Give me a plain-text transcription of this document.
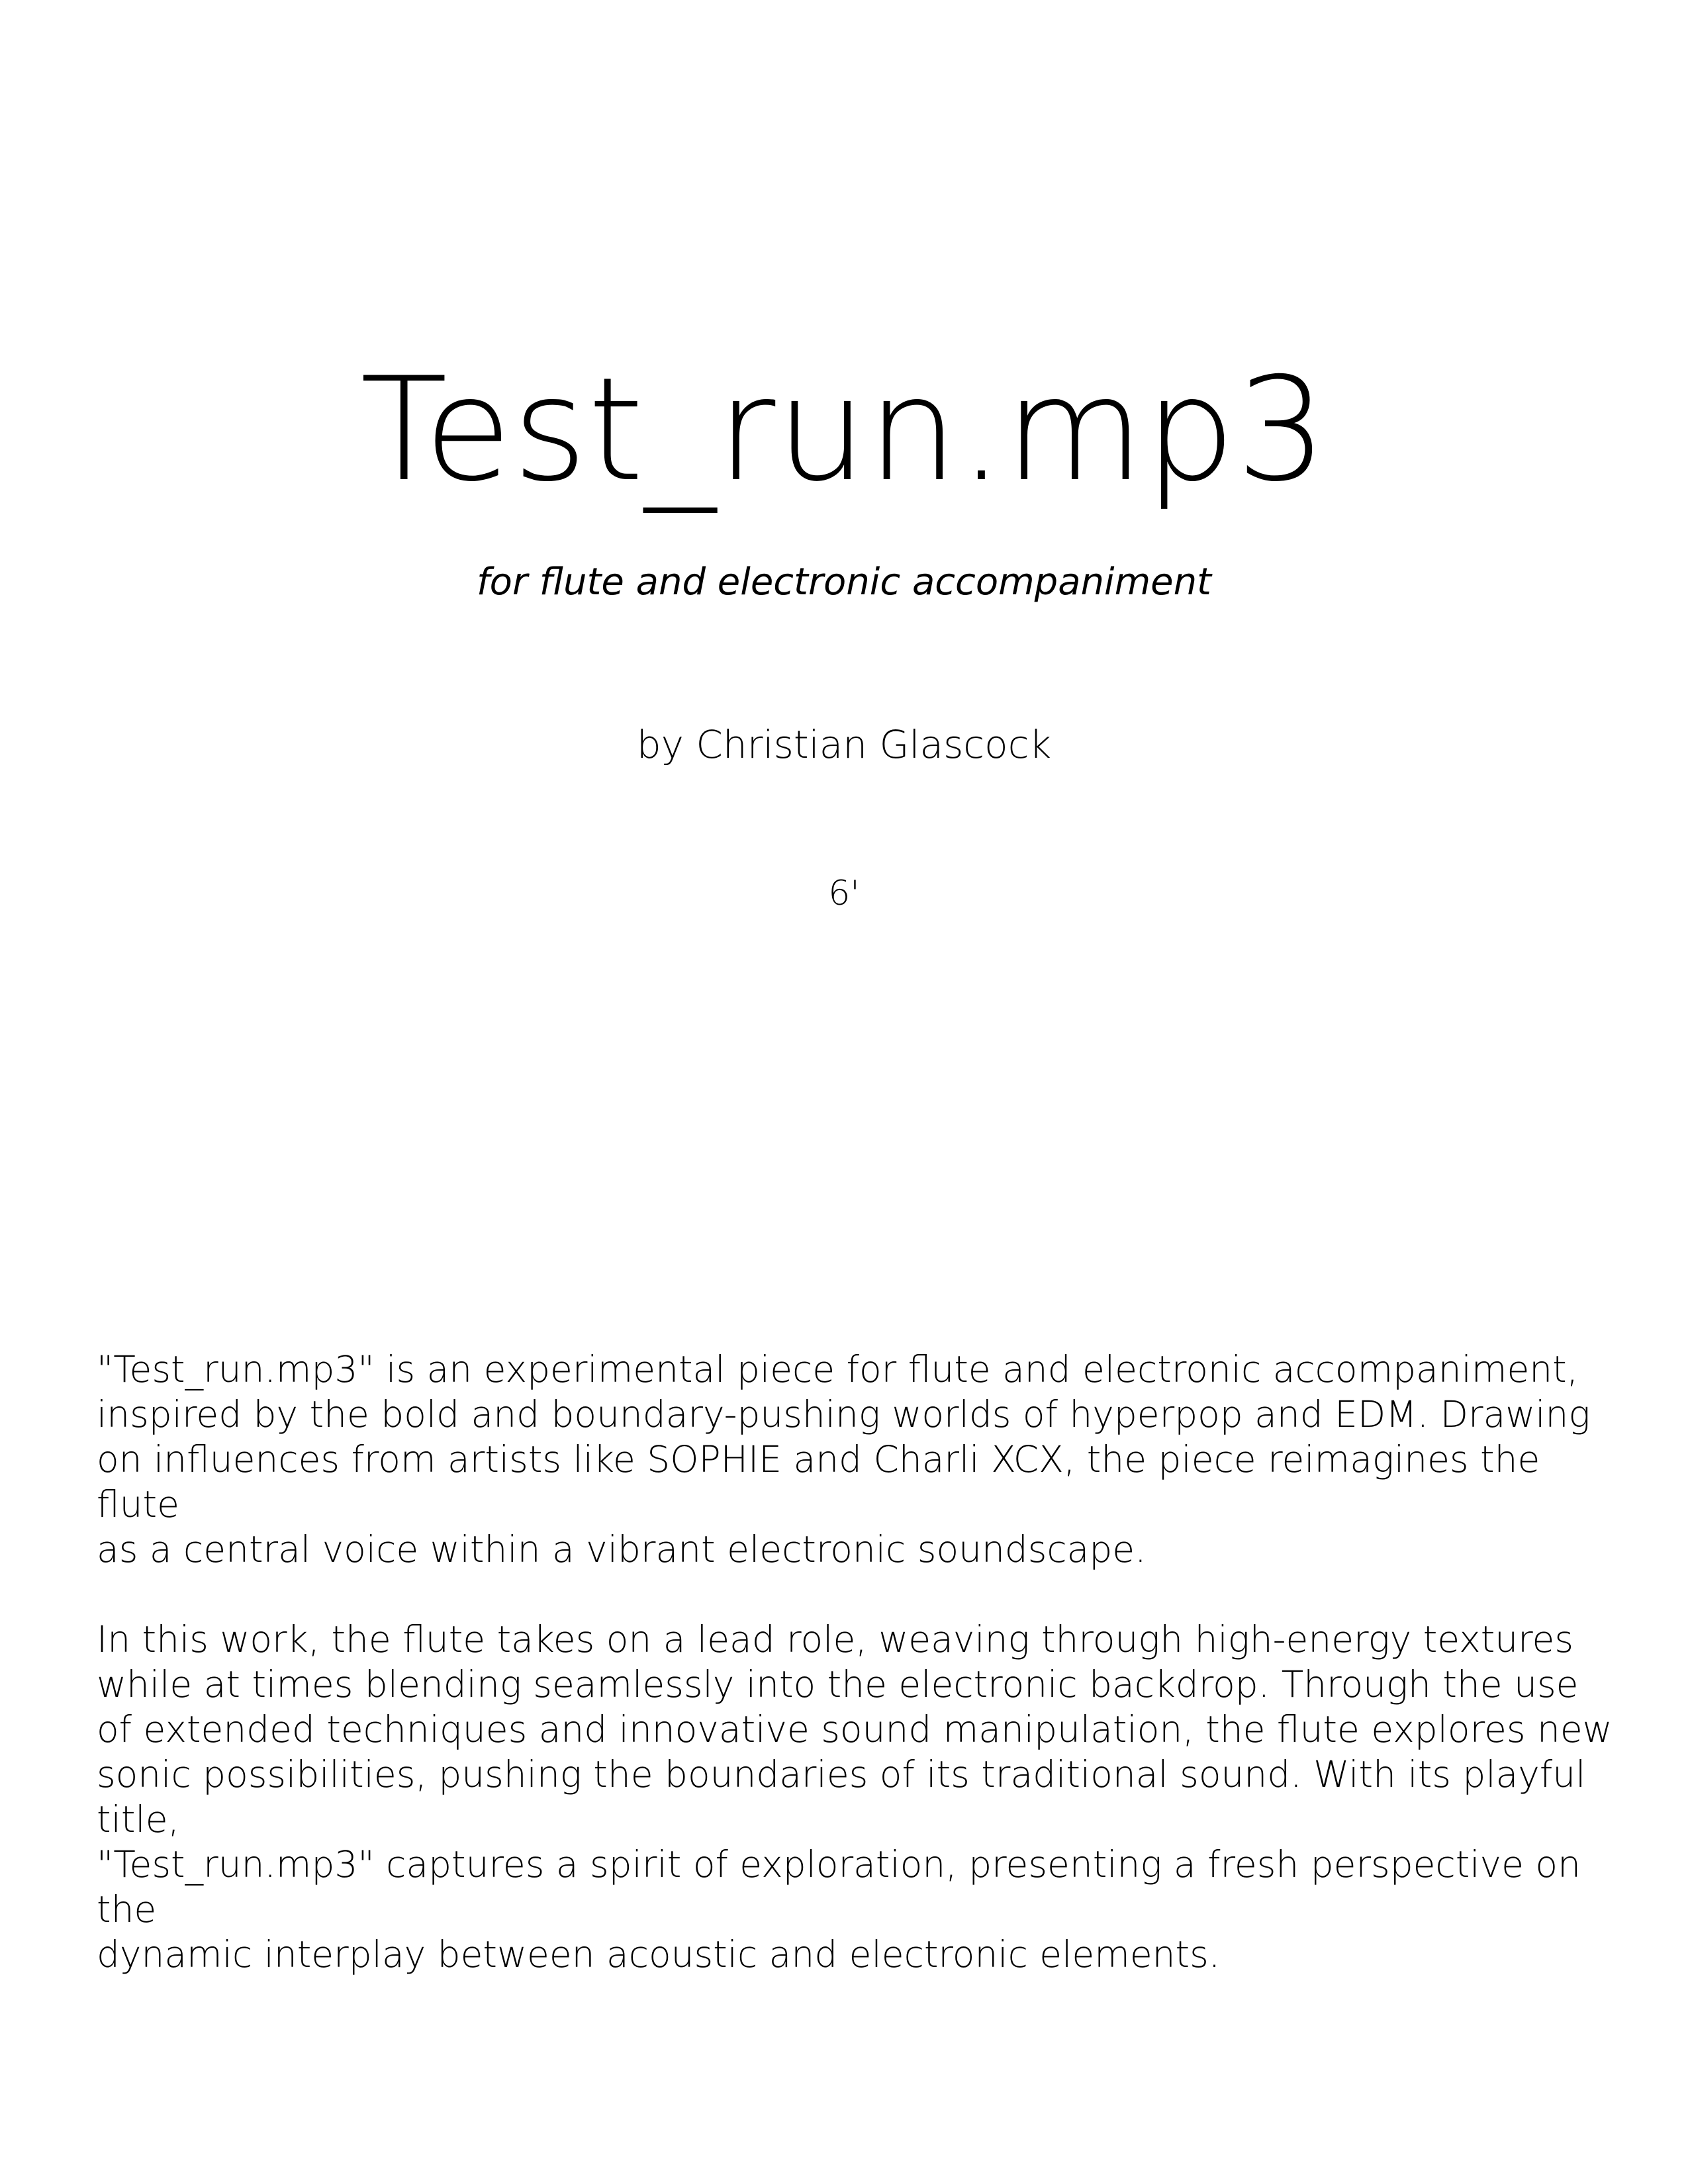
Test_run.mp3
for flute and electronic accompaniment
by Christian Glascock
6'

"Test_run.mp3" is an experimental piece for flute and electronic accompaniment,
inspired by the bold and boundary-pushing worlds of hyperpop and EDM. Drawing
on influences from artists like SOPHIE and Charli XCX, the piece reimagines the flute
as a central voice within a vibrant electronic soundscape.

In this work, the flute takes on a lead role, weaving through high-energy textures
while at times blending seamlessly into the electronic backdrop. Through the use
of extended techniques and innovative sound manipulation, the flute explores new
sonic possibilities, pushing the boundaries of its traditional sound. With its playful title,
"Test_run.mp3" captures a spirit of exploration, presenting a fresh perspective on the
dynamic interplay between acoustic and electronic elements.
